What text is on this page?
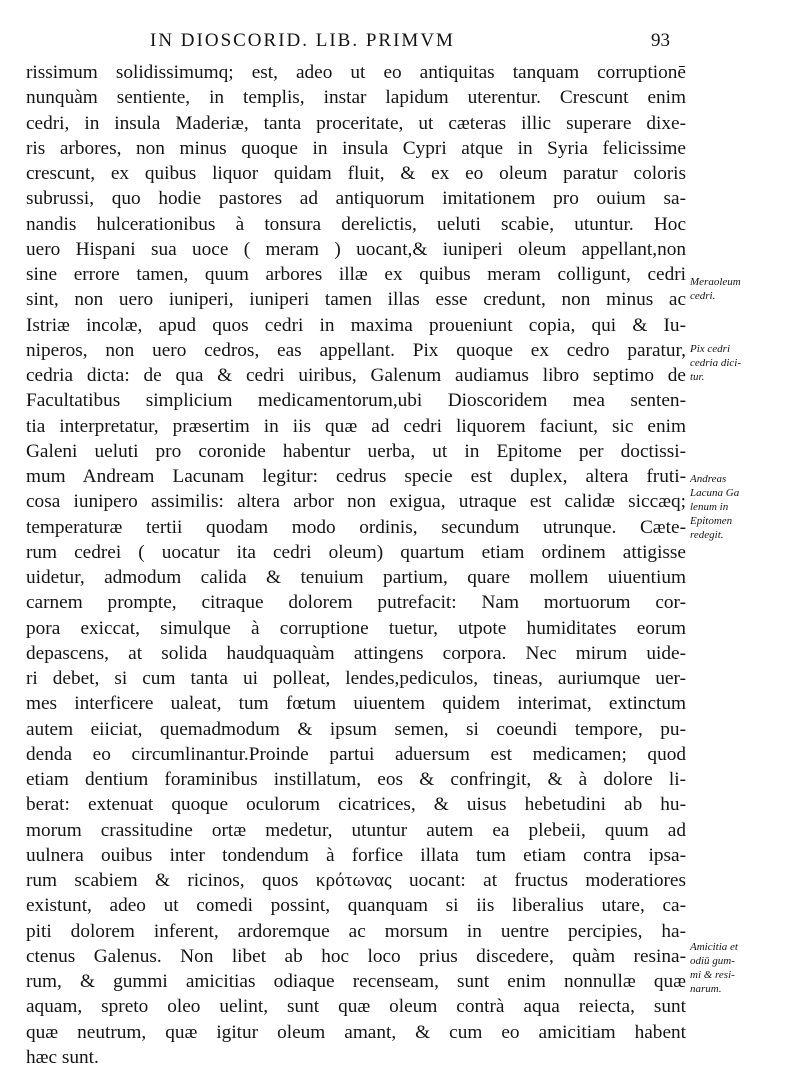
IN DIOSCORID. LIB. PRIMVM	93
rissimum solidissimumq; est, adeo ut eo antiquitas tanquam corruptionē
nunquàm sentiente, in templis, instar lapidum uterentur. Crescunt enim
cedri, in insula Maderiæ, tanta proceritate, ut cæteras illic superare dixe-
ris arbores, non minus quoque in insula Cypri atque in Syria felicissime
crescunt, ex quibus liquor quidam fluit, & ex eo oleum paratur coloris
subrussi, quo hodie pastores ad antiquorum imitationem pro ouium sa-
nandis hulcerationibus à tonsura derelictis, ueluti scabie, utuntur. Hoc
uero Hispani sua uoce ( meram ) uocant,& iuniperi oleum appellant,non
sine errore tamen, quum arbores illæ ex quibus meram colligunt, cedri
sint, non uero iuniperi, iuniperi tamen illas esse credunt, non minus ac
Istriæ incolæ, apud quos cedri in maxima proueniunt copia, qui & Iu-
niperos, non uero cedros, eas appellant. Pix quoque ex cedro paratur,
cedria dicta: de qua & cedri uiribus, Galenum audiamus libro septimo de
Facultatibus simplicium medicamentorum,ubi Dioscoridem mea senten-
tia interpretatur, præsertim in iis quæ ad cedri liquorem faciunt, sic enim
Galeni ueluti pro coronide habentur uerba, ut in Epitome per doctissi-
mum Andream Lacunam legitur: cedrus specie est duplex, altera fruti-
cosa iunipero assimilis: altera arbor non exigua, utraque est calidæ siccæq;
temperaturæ tertii quodam modo ordinis, secundum utrunque. Cæte-
rum cedrei ( uocatur ita cedri oleum) quartum etiam ordinem attigisse
uidetur, admodum calida & tenuium partium, quare mollem uiuentium
carnem prompte, citraque dolorem putrefacit: Nam mortuorum cor-
pora exiccat, simulque à corruptione tuetur, utpote humiditates eorum
depascens, at solida haudquaquàm attingens corpora. Nec mirum uide-
ri debet, si cum tanta ui polleat, lendes,pediculos, tineas, auriumque uer-
mes interficere ualeat, tum fœtum uiuentem quidem interimat, extinctum
autem eiiciat, quemadmodum & ipsum semen, si coeundi tempore, pu-
denda eo circumlinantur.Proinde partui aduersum est medicamen; quod
etiam dentium foraminibus instillatum, eos & confringit, & à dolore li-
berat: extenuat quoque oculorum cicatrices, & uisus hebetudini ab hu-
morum crassitudine ortæ medetur, utuntur autem ea plebeii, quum ad
uulnera ouibus inter tondendum à forfice illata tum etiam contra ipsa-
rum scabiem & ricinos, quos κρότωνας uocant: at fructus moderatiores
existunt, adeo ut comedi possint, quanquam si iis liberalius utare, ca-
piti dolorem inferent, ardoremque ac morsum in uentre percipies, ha-
ctenus Galenus. Non libet ab hoc loco prius discedere, quàm resina-
rum, & gummi amicitias odiaque recenseam, sunt enim nonnullæ quæ
aquam, spreto oleo uelint, sunt quæ oleum contrà aqua reiecta, sunt
quæ neutrum, quæ igitur oleum amant, & cum eo amicitiam habent
hæc sunt.
Meraoleum
cedri.
Pix cedri
cedria dici-
tur.
Andreas
Lacuna Ga
lenum in
Epitomen
redegit.
Amicitia et
odiū gum-
mi & resi-
narum.
